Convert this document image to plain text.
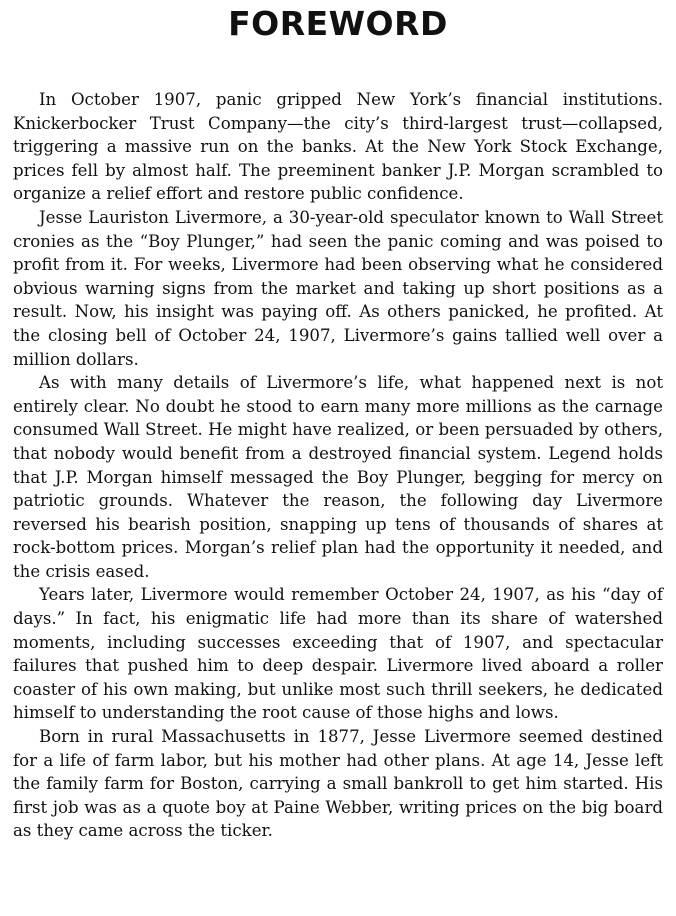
FOREWORD

In October 1907, panic gripped New York’s financial institutions. Knickerbocker Trust Company—the city’s third-largest trust—collapsed, triggering a massive run on the banks. At the New York Stock Exchange, prices fell by almost half. The preeminent banker J.P. Morgan scrambled to organize a relief effort and restore public confidence.

Jesse Lauriston Livermore, a 30-year-old speculator known to Wall Street cronies as the “Boy Plunger,” had seen the panic coming and was poised to profit from it. For weeks, Livermore had been observing what he considered obvious warning signs from the market and taking up short positions as a result. Now, his insight was paying off. As others panicked, he profited. At the closing bell of October 24, 1907, Livermore’s gains tallied well over a million dollars.

As with many details of Livermore’s life, what happened next is not entirely clear. No doubt he stood to earn many more millions as the carnage consumed Wall Street. He might have realized, or been persuaded by others, that nobody would benefit from a destroyed financial system. Legend holds that J.P. Morgan himself messaged the Boy Plunger, begging for mercy on patriotic grounds. Whatever the reason, the following day Livermore reversed his bearish position, snapping up tens of thousands of shares at rock-bottom prices. Morgan’s relief plan had the opportunity it needed, and the crisis eased.

Years later, Livermore would remember October 24, 1907, as his “day of days.” In fact, his enigmatic life had more than its share of watershed moments, including successes exceeding that of 1907, and spectacular failures that pushed him to deep despair. Livermore lived aboard a roller coaster of his own making, but unlike most such thrill seekers, he dedicated himself to understanding the root cause of those highs and lows.

Born in rural Massachusetts in 1877, Jesse Livermore seemed destined for a life of farm labor, but his mother had other plans. At age 14, Jesse left the family farm for Boston, carrying a small bankroll to get him started. His first job was as a quote boy at Paine Webber, writing prices on the big board as they came across the ticker.
